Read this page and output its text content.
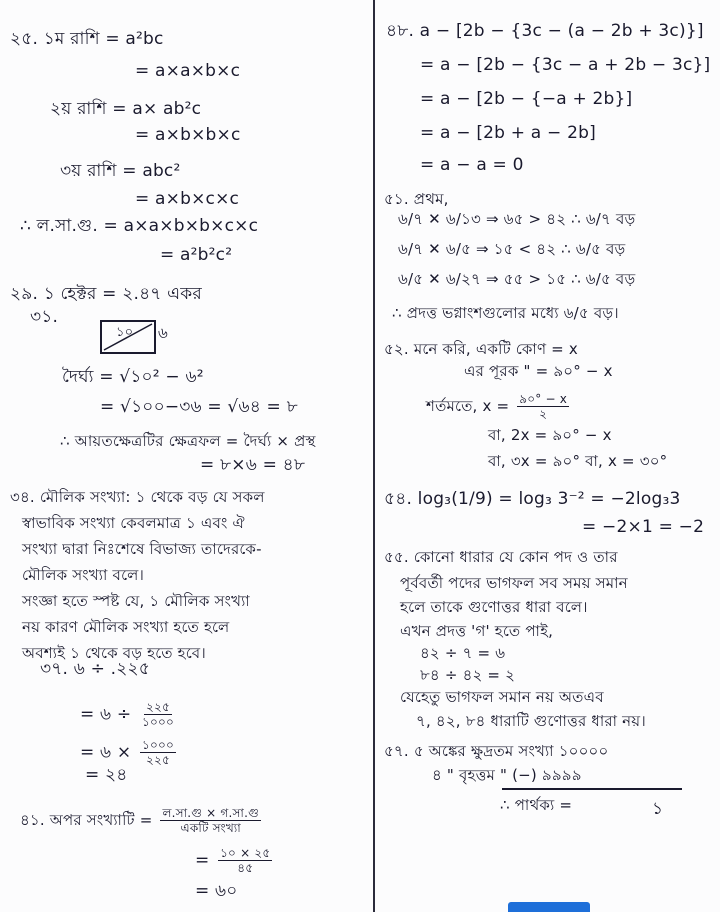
২৫. ১ম রাশি = a²bc
= a×a×b×c
২য় রাশি = a× ab²c
= a×b×b×c
৩য় রাশি = abc²
= a×b×c×c
∴ ল.সা.গু. = a×a×b×b×c×c
= a²b²c²
২৯. ১ হেক্টর = ২.৪৭ একর
৩১.
১০ ৬
দৈর্ঘ্য = √১০² − ৬²
= √১০০−৩৬ = √৬৪ = ৮
∴ আয়তক্ষেত্রটির ক্ষেত্রফল = দৈর্ঘ্য × প্রস্থ
= ৮×৬ = ৪৮
৩৪. মৌলিক সংখ্যা: ১ থেকে বড় যে সকল
স্বাভাবিক সংখ্যা কেবলমাত্র ১ এবং ঐ
সংখ্যা দ্বারা নিঃশেষে বিভাজ্য তাদেরকে-
মৌলিক সংখ্যা বলে।
সংজ্ঞা হতে স্পষ্ট যে, ১ মৌলিক সংখ্যা
নয় কারণ মৌলিক সংখ্যা হতে হলে
অবশ্যই ১ থেকে বড় হতে হবে।
৩৭. ৬ ÷ .২২৫
= ৬ ÷ $\frac{২২৫}{১০০০}$
= ৬ × $\frac{১০০০}{২২৫}$
= ২৪
৪১. অপর সংখ্যাটি = $\frac{\text{ল.সা.গু × গ.সা.গু}}{\text{একটি সংখ্যা}}$
= $\frac{১০ \times ২৫}{৪৫}$
= ৬০
৪৮. a − [2b − {3c − (a − 2b + 3c)}]
= a − [2b − {3c − a + 2b − 3c}]
= a − [2b − {−a + 2b}]
= a − [2b + a − 2b]
= a − a = 0
৫১. প্রথম,
৬/৭ ✕ ৬/১৩ ⇒ ৬৫ > ৪২ ∴ ৬/৭ বড়
৬/৭ ✕ ৬/৫ ⇒ ১৫ < ৪২ ∴ ৬/৫ বড়
৬/৫ ✕ ৬/২৭ ⇒ ৫৫ > ১৫ ∴ ৬/৫ বড়
∴ প্রদত্ত ভগ্নাংশগুলোর মধ্যে ৬/৫ বড়।
৫২. মনে করি, একটি কোণ = x
এর পূরক " = ৯০° − x
শর্তমতে, $x = \frac{৯০^\circ - x}{২}$
বা, 2x = ৯০° − x
বা, ৩x = ৯০° বা, x = ৩০°
৫৪. log₃(1/9) = log₃ 3⁻² = −2log₃3
= −2×1 = −2
৫৫. কোনো ধারার যে কোন পদ ও তার
পূর্ববর্তী পদের ভাগফল সব সময় সমান
হলে তাকে গুণোত্তর ধারা বলে।
এখন প্রদত্ত 'গ' হতে পাই,
৪২ ÷ ৭ = ৬
৮৪ ÷ ৪২ = ২
যেহেতু ভাগফল সমান নয় অতএব
৭, ৪২, ৮৪ ধারাটি গুণোত্তর ধারা নয়।
৫৭. ৫ অঙ্কের ক্ষুদ্রতম সংখ্যা ১০০০০
৪ " বৃহত্তম " (−) ৯৯৯৯
∴ পার্থক্য =	১
